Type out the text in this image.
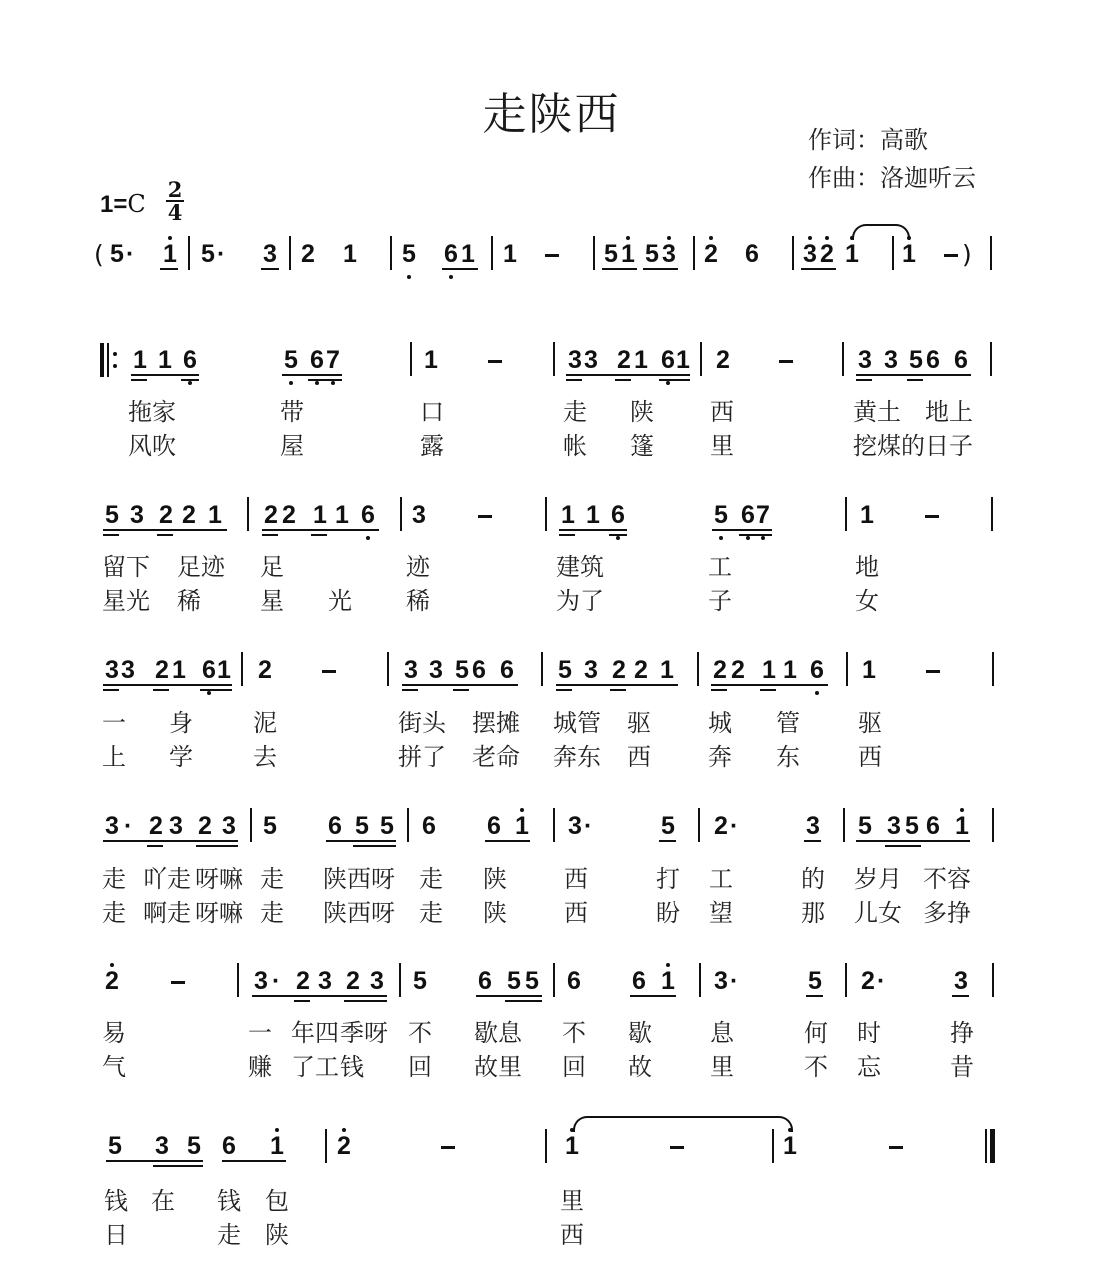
走陕西	作词：高歌
作曲：洛迦听云
1=C
2
4
( 5 · 1 5 · 3 2 1 5 6 1 1	5 1 5 3 2 6 3 2 1 1 )
1 1 6	5 6 7	1	3 3 2 1 6 1 2	3 3 5 6 6
拖家	带	口	走 陕 西	黄土 地上
风吹	屋	露	帐 篷 里	挖煤的日子
5 3 2 2 1 2 2 1 1 6 3	1 1 6	5 6 7	1
留下 足迹 足	迹	建筑	工	地
星光 稀 星 光 稀	为了	子	女
3 3 2 1 6 1 2	3 3 5 6 6 5 3 2 2 1 2 2 1 1 6 1
一 身	泥	街头 摆摊 城管 驱 城 管 驱
上 学	去	拼了 老命 奔东 西 奔 东 西
3 · 2 3 2 3 5 6 5 5 6 6 1 3 ·	5 2 ·	3 5 3 5 6 1
走 吖走 呀嘛 走 陕西呀 走 陕 西	打 工	的 岁月 不容
走 啊走 呀嘛 走 陕西呀 走 陕 西	盼 望	那 儿女 多挣
2	3 · 2 3 2 3 5 6 5 5 6 6 1 3 ·	5 2 ·	3
易	一 年四 季呀 不 歇息 不 歇 息	何 时	挣
气	赚 了工 钱 回 故里 回 故 里	不 忘	昔
5 3 5 6 1 2	1	1
钱 在 钱 包	里
日	走 陕	西
